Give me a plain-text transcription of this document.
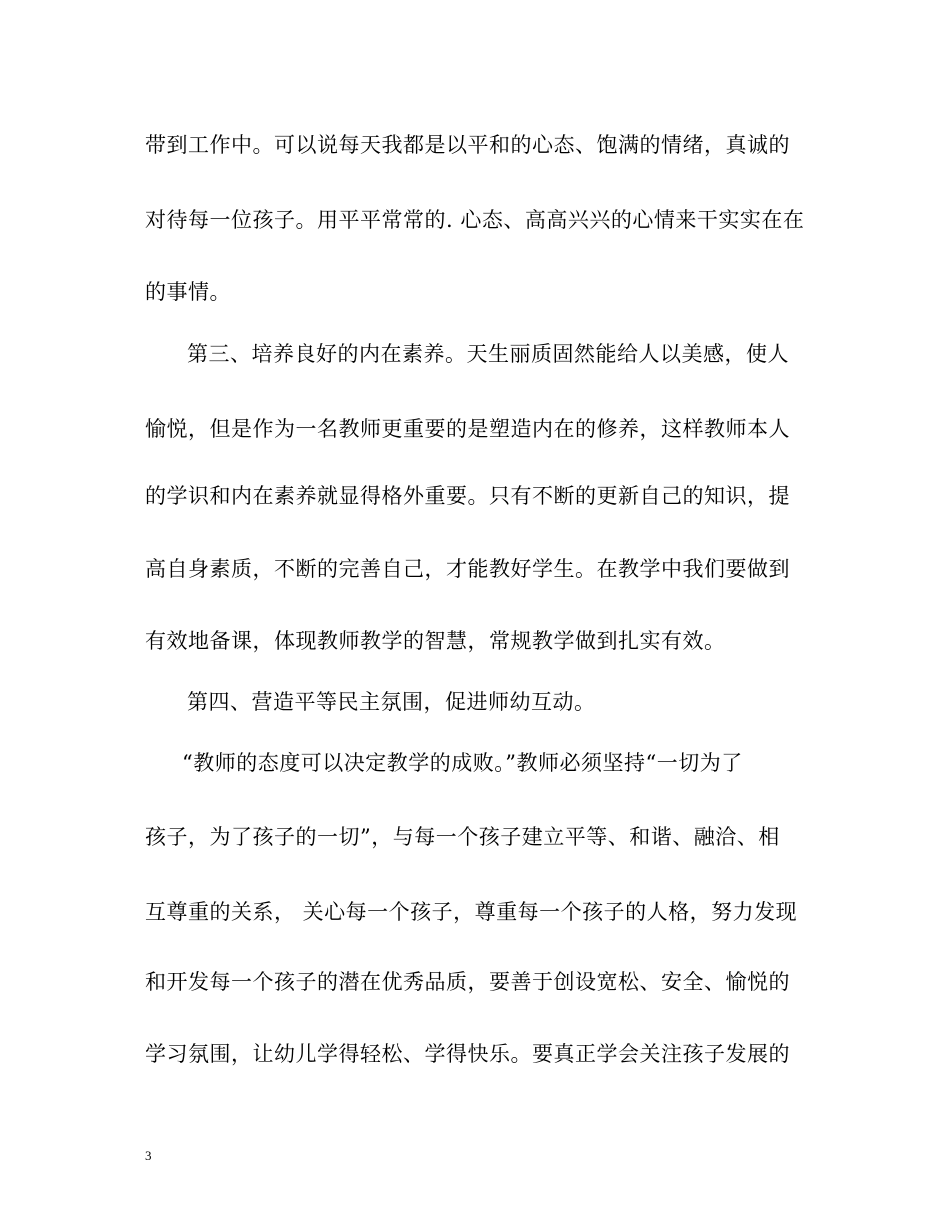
带到工作中。可以说每天我都是以平和的心态、饱满的情绪，真诚的
对待每一位孩子。用平平常常的. 心态、高高兴兴的心情来干实实在在
的事情。
第三、培养良好的内在素养。天生丽质固然能给人以美感，使人
愉悦，但是作为一名教师更重要的是塑造内在的修养，这样教师本人
的学识和内在素养就显得格外重要。只有不断的更新自己的知识，提
高自身素质，不断的完善自己，才能教好学生。在教学中我们要做到
有效地备课，体现教师教学的智慧，常规教学做到扎实有效。
第四、营造平等民主氛围，促进师幼互动。
“教师的态度可以决定教学的成败。”教师必须坚持“一切为了
孩子，为了孩子的一切”，与每一个孩子建立平等、和谐、融洽、相
互尊重的关系， 关心每一个孩子，尊重每一个孩子的人格，努力发现
和开发每一个孩子的潜在优秀品质，要善于创设宽松、安全、愉悦的
学习氛围，让幼儿学得轻松、学得快乐。要真正学会关注孩子发展的
3
